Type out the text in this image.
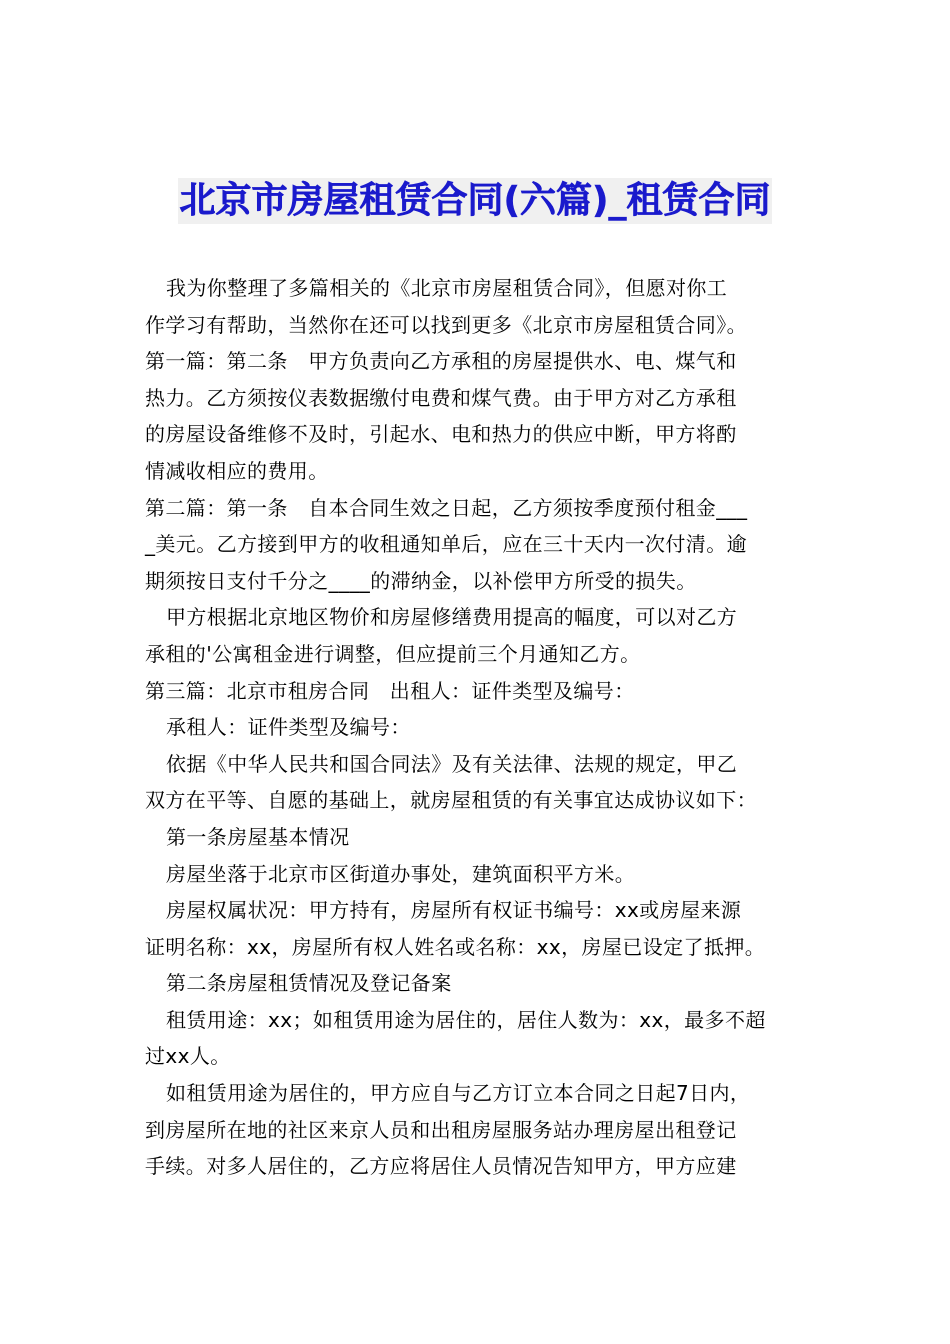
北京市房屋租赁合同(六篇)_租赁合同

我为你整理了多篇相关的《北京市房屋租赁合同》，但愿对你工

作学习有帮助，当然你在还可以找到更多《北京市房屋租赁合同》。

第一篇：第二条　甲方负责向乙方承租的房屋提供水、电、煤气和

热力。乙方须按仪表数据缴付电费和煤气费。由于甲方对乙方承租

的房屋设备维修不及时，引起水、电和热力的供应中断，甲方将酌

情减收相应的费用。

第二篇：第一条　自本合同生效之日起，乙方须按季度预付租金___

_美元。乙方接到甲方的收租通知单后，应在三十天内一次付清。逾

期须按日支付千分之____的滞纳金，以补偿甲方所受的损失。

甲方根据北京地区物价和房屋修缮费用提高的幅度，可以对乙方

承租的'公寓租金进行调整，但应提前三个月通知乙方。

第三篇：北京市租房合同　出租人：证件类型及编号：

承租人：证件类型及编号：

依据《中华人民共和国合同法》及有关法律、法规的规定，甲乙

双方在平等、自愿的基础上，就房屋租赁的有关事宜达成协议如下：

第一条房屋基本情况

房屋坐落于北京市区街道办事处，建筑面积平方米。

房屋权属状况：甲方持有，房屋所有权证书编号：xx或房屋来源

证明名称：xx，房屋所有权人姓名或名称：xx，房屋已设定了抵押。

第二条房屋租赁情况及登记备案

租赁用途：xx；如租赁用途为居住的，居住人数为：xx，最多不超

过xx人。

如租赁用途为居住的，甲方应自与乙方订立本合同之日起7日内，

到房屋所在地的社区来京人员和出租房屋服务站办理房屋出租登记

手续。对多人居住的，乙方应将居住人员情况告知甲方，甲方应建
